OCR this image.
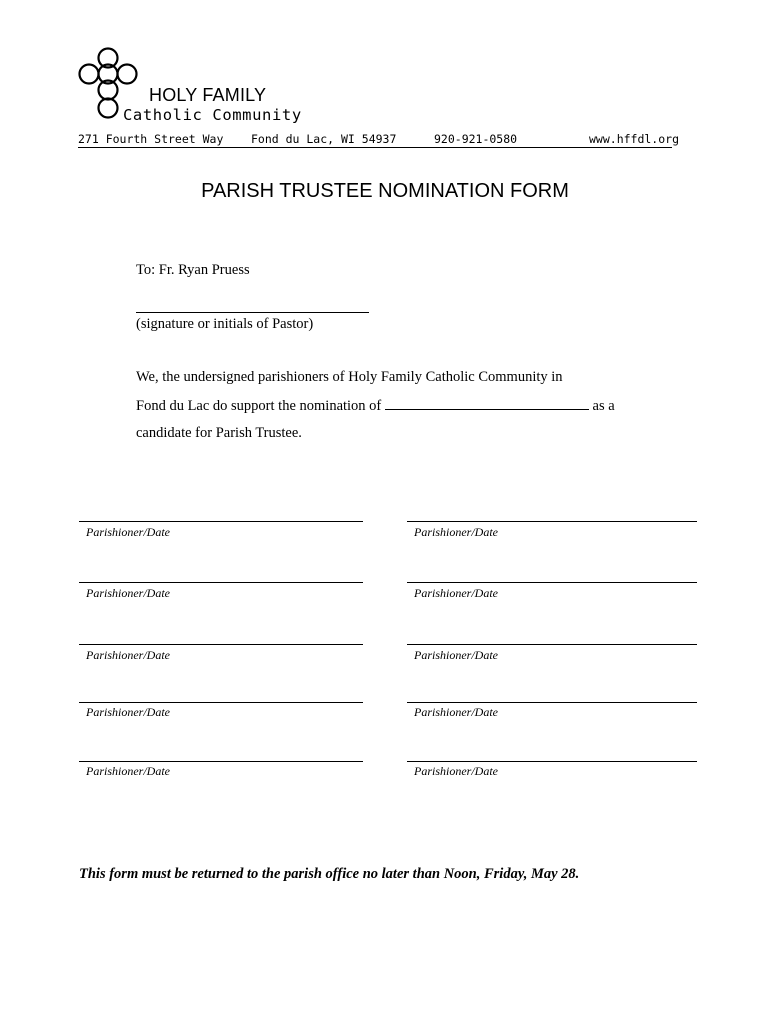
HOLY FAMILY
Catholic Community
271 Fourth Street Way Fond du Lac, WI 54937	920-921-0580	www.hffdl.org
PARISH TRUSTEE NOMINATION FORM
To: Fr. Ryan Pruess
(signature or initials of Pastor)
We, the undersigned parishioners of Holy Family Catholic Community in
Fond du Lac do support the nomination of	as a
candidate for Parish Trustee.
Parishioner/Date
Parishioner/Date
Parishioner/Date
Parishioner/Date
Parishioner/Date
Parishioner/Date
Parishioner/Date
Parishioner/Date
Parishioner/Date
Parishioner/Date
This form must be returned to the parish office no later than Noon, Friday, May 28.
